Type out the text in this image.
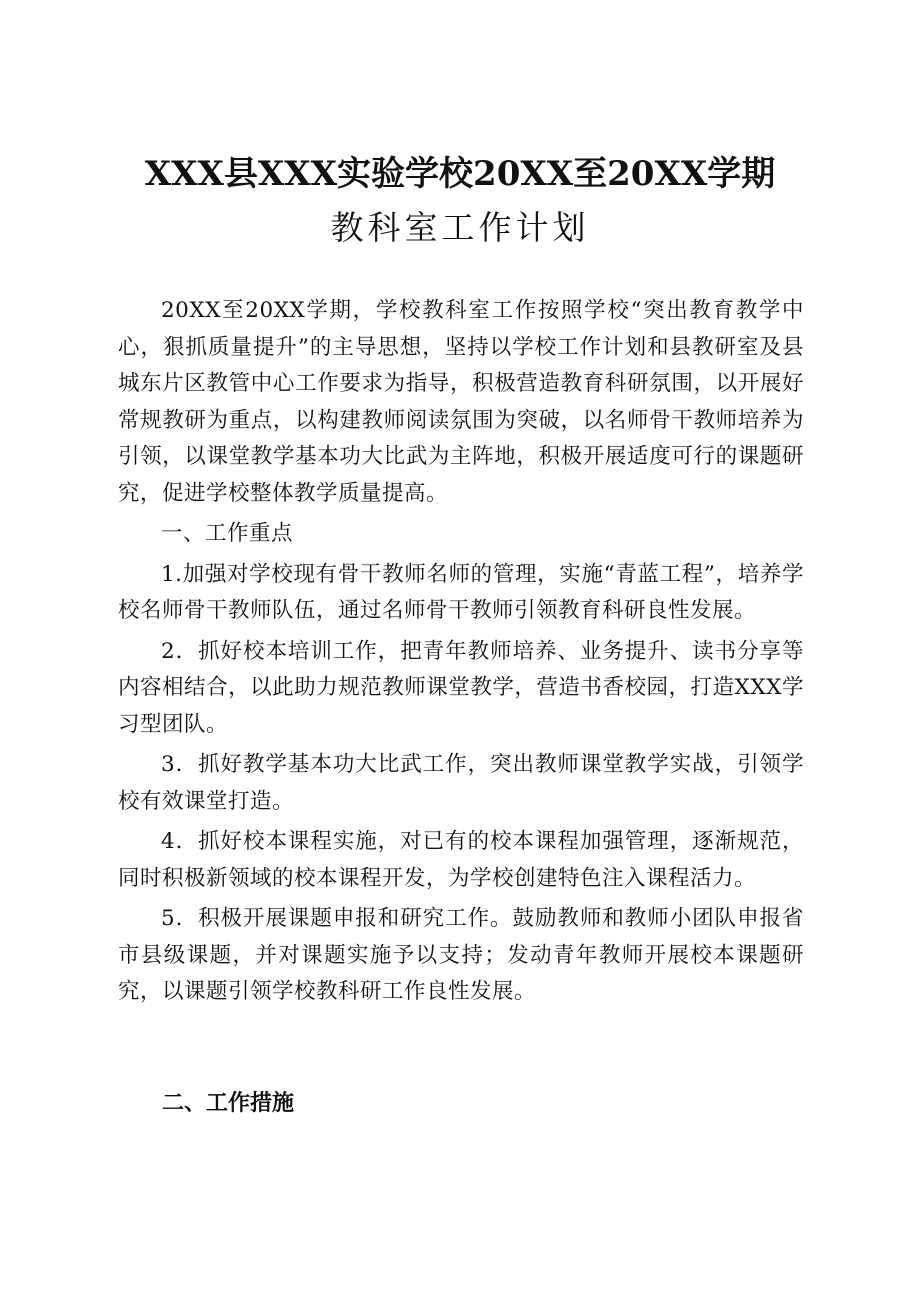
XXX县XXX实验学校20XX至20XX学期
教科室工作计划

20XX至20XX学期，学校教科室工作按照学校“突出教育教学中心，狠抓质量提升”的主导思想，坚持以学校工作计划和县教研室及县城东片区教管中心工作要求为指导，积极营造教育科研氛围，以开展好常规教研为重点，以构建教师阅读氛围为突破，以名师骨干教师培养为引领，以课堂教学基本功大比武为主阵地，积极开展适度可行的课题研究，促进学校整体教学质量提高。

一、工作重点

1.加强对学校现有骨干教师名师的管理，实施“青蓝工程”，培养学校名师骨干教师队伍，通过名师骨干教师引领教育科研良性发展。

2．抓好校本培训工作，把青年教师培养、业务提升、读书分享等内容相结合，以此助力规范教师课堂教学，营造书香校园，打造XXX学习型团队。

3．抓好教学基本功大比武工作，突出教师课堂教学实战，引领学校有效课堂打造。

4．抓好校本课程实施，对已有的校本课程加强管理，逐渐规范，同时积极新领域的校本课程开发，为学校创建特色注入课程活力。

5．积极开展课题申报和研究工作。鼓励教师和教师小团队申报省市县级课题，并对课题实施予以支持；发动青年教师开展校本课题研究，以课题引领学校教科研工作良性发展。

二、工作措施
